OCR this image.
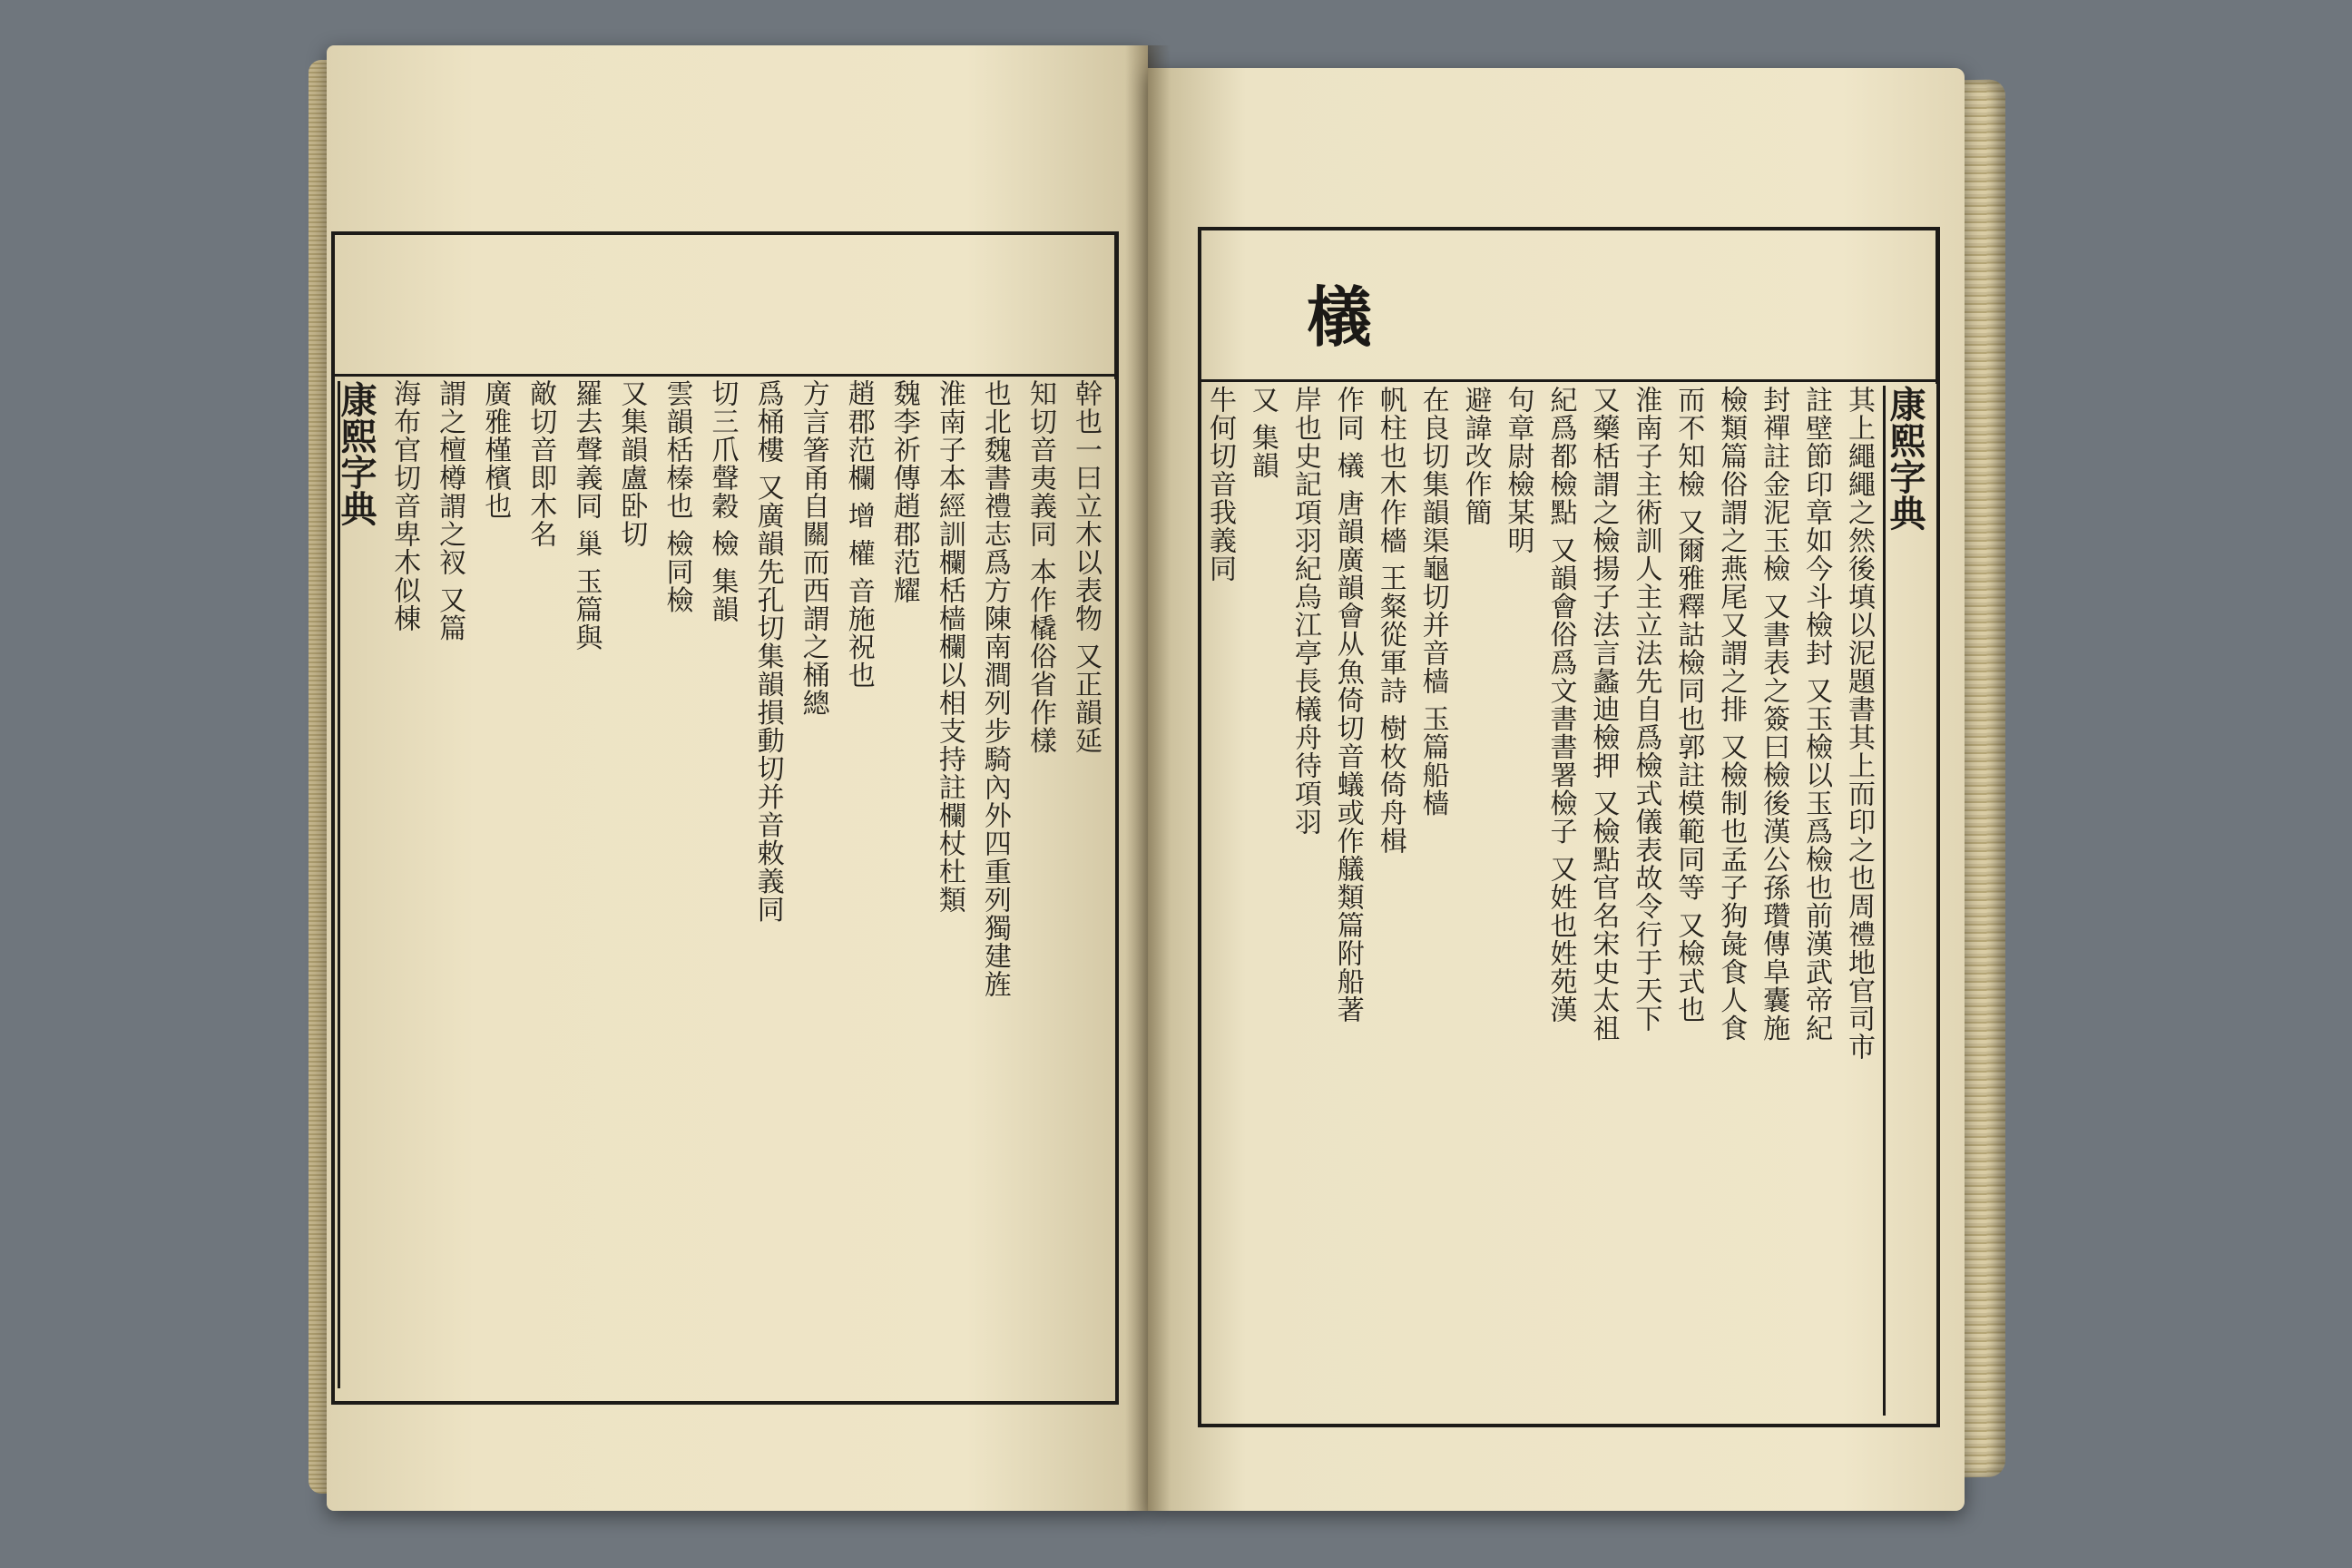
檥
康熙字典	康熙字典
幹也一曰立木以表物 又正韻延
知切音夷義同 本作橇俗省作樣
也北魏書禮志爲方陳南澗列步騎內外四重列獨建旌
淮南子本經訓欄栝樯欄以相支持註欄杖杜類
魏李祈傳趙郡范耀
趙郡范欄 增 權 音施祝也
方言箸甬自關而西謂之桶總
爲桶樓 又廣韻先孔切集韻損動切并音敕義同
切三爪聲穀 檢 集韻
雲韻栝榛也 檢同檢
又集韻盧卧切
羅去聲義同 巢 玉篇與
敵切音即木名
廣雅槿檳也
謂之檀樽謂之衩 又篇
海布官切音卑木似棟	其上繩繩之然後填以泥題書其上而印之也周禮地官司市
註壁節印章如今斗檢封 又玉檢以玉爲檢也前漢武帝紀
封禪註金泥玉檢 又書表之簽曰檢後漢公孫瓚傳阜囊施
檢類篇俗謂之燕尾又謂之排 又檢制也孟子狗彘食人食
而不知檢 又爾雅釋詁檢同也郭註模範同等 又檢式也
淮南子主術訓人主立法先自爲檢式儀表故令行于天下
又藥栝謂之檢揚子法言蠡迪檢押 又檢點官名宋史太祖
紀爲都檢點 又韻會俗爲文書書署檢子 又姓也姓苑漢
句章尉檢某明
避諱改作簡
在良切集韻渠龜切并音樯 玉篇船樯
帆柱也木作檣 王粲從軍詩 樹枚倚舟楫
作同 檥 唐韻廣韻會从魚倚切音蟻或作艤類篇附船著
岸也史記項羽紀烏江亭長檥舟待項羽
又 集韻
牛何切音我義同
